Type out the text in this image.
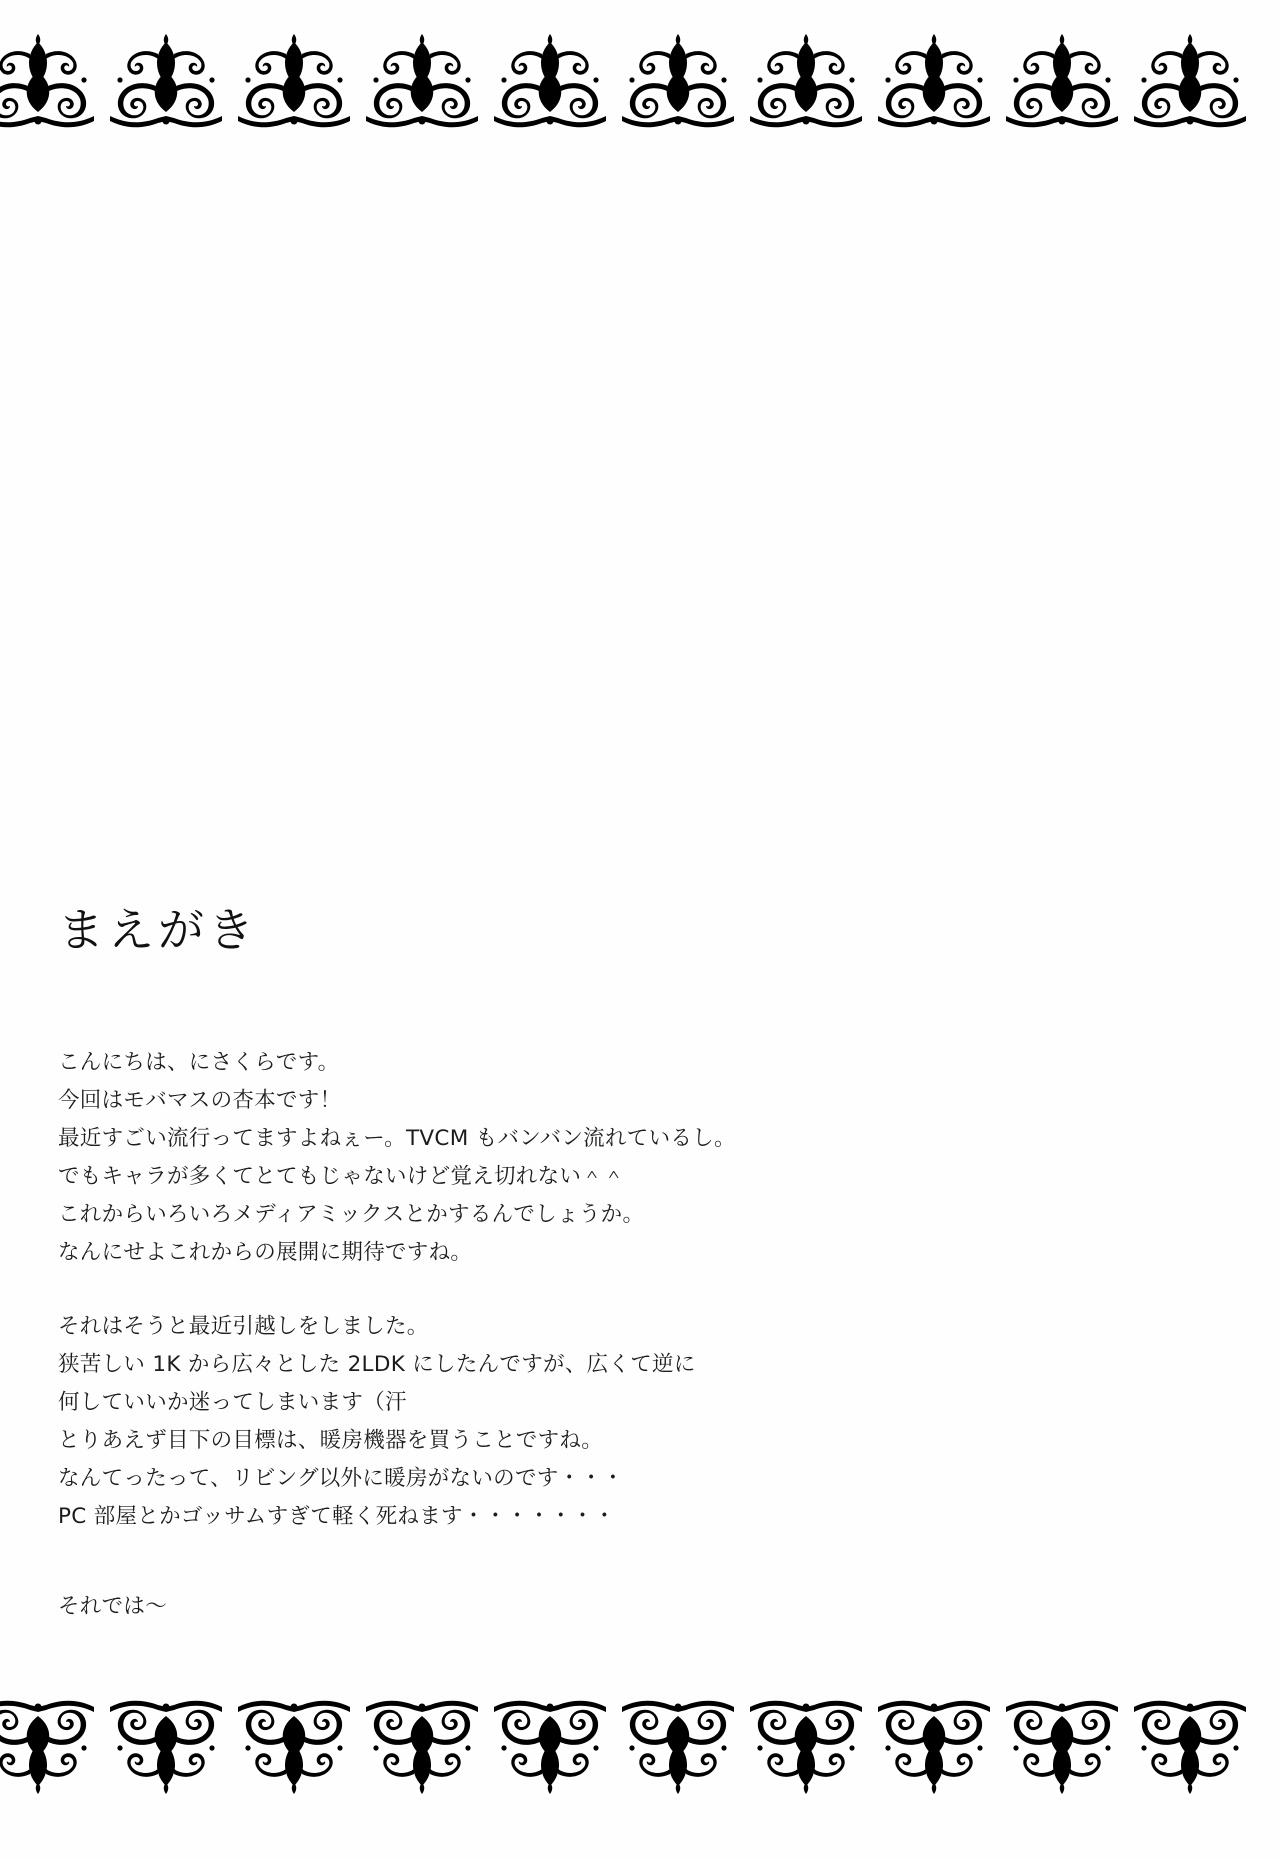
まえがき

こんにちは、にさくらです。
今回はモバマスの杏本です！
最近すごい流行ってますよねぇー。TVCM もバンバン流れているし。
でもキャラが多くてとてもじゃないけど覚え切れない＾＾
これからいろいろメディアミックスとかするんでしょうか。
なんにせよこれからの展開に期待ですね。

それはそうと最近引越しをしました。
狭苦しい 1K から広々とした 2LDK にしたんですが、広くて逆に
何していいか迷ってしまいます（汗
とりあえず目下の目標は、暖房機器を買うことですね。
なんてったって、リビング以外に暖房がないのです・・・
PC 部屋とかゴッサムすぎて軽く死ねます・・・・・・・

それでは～
